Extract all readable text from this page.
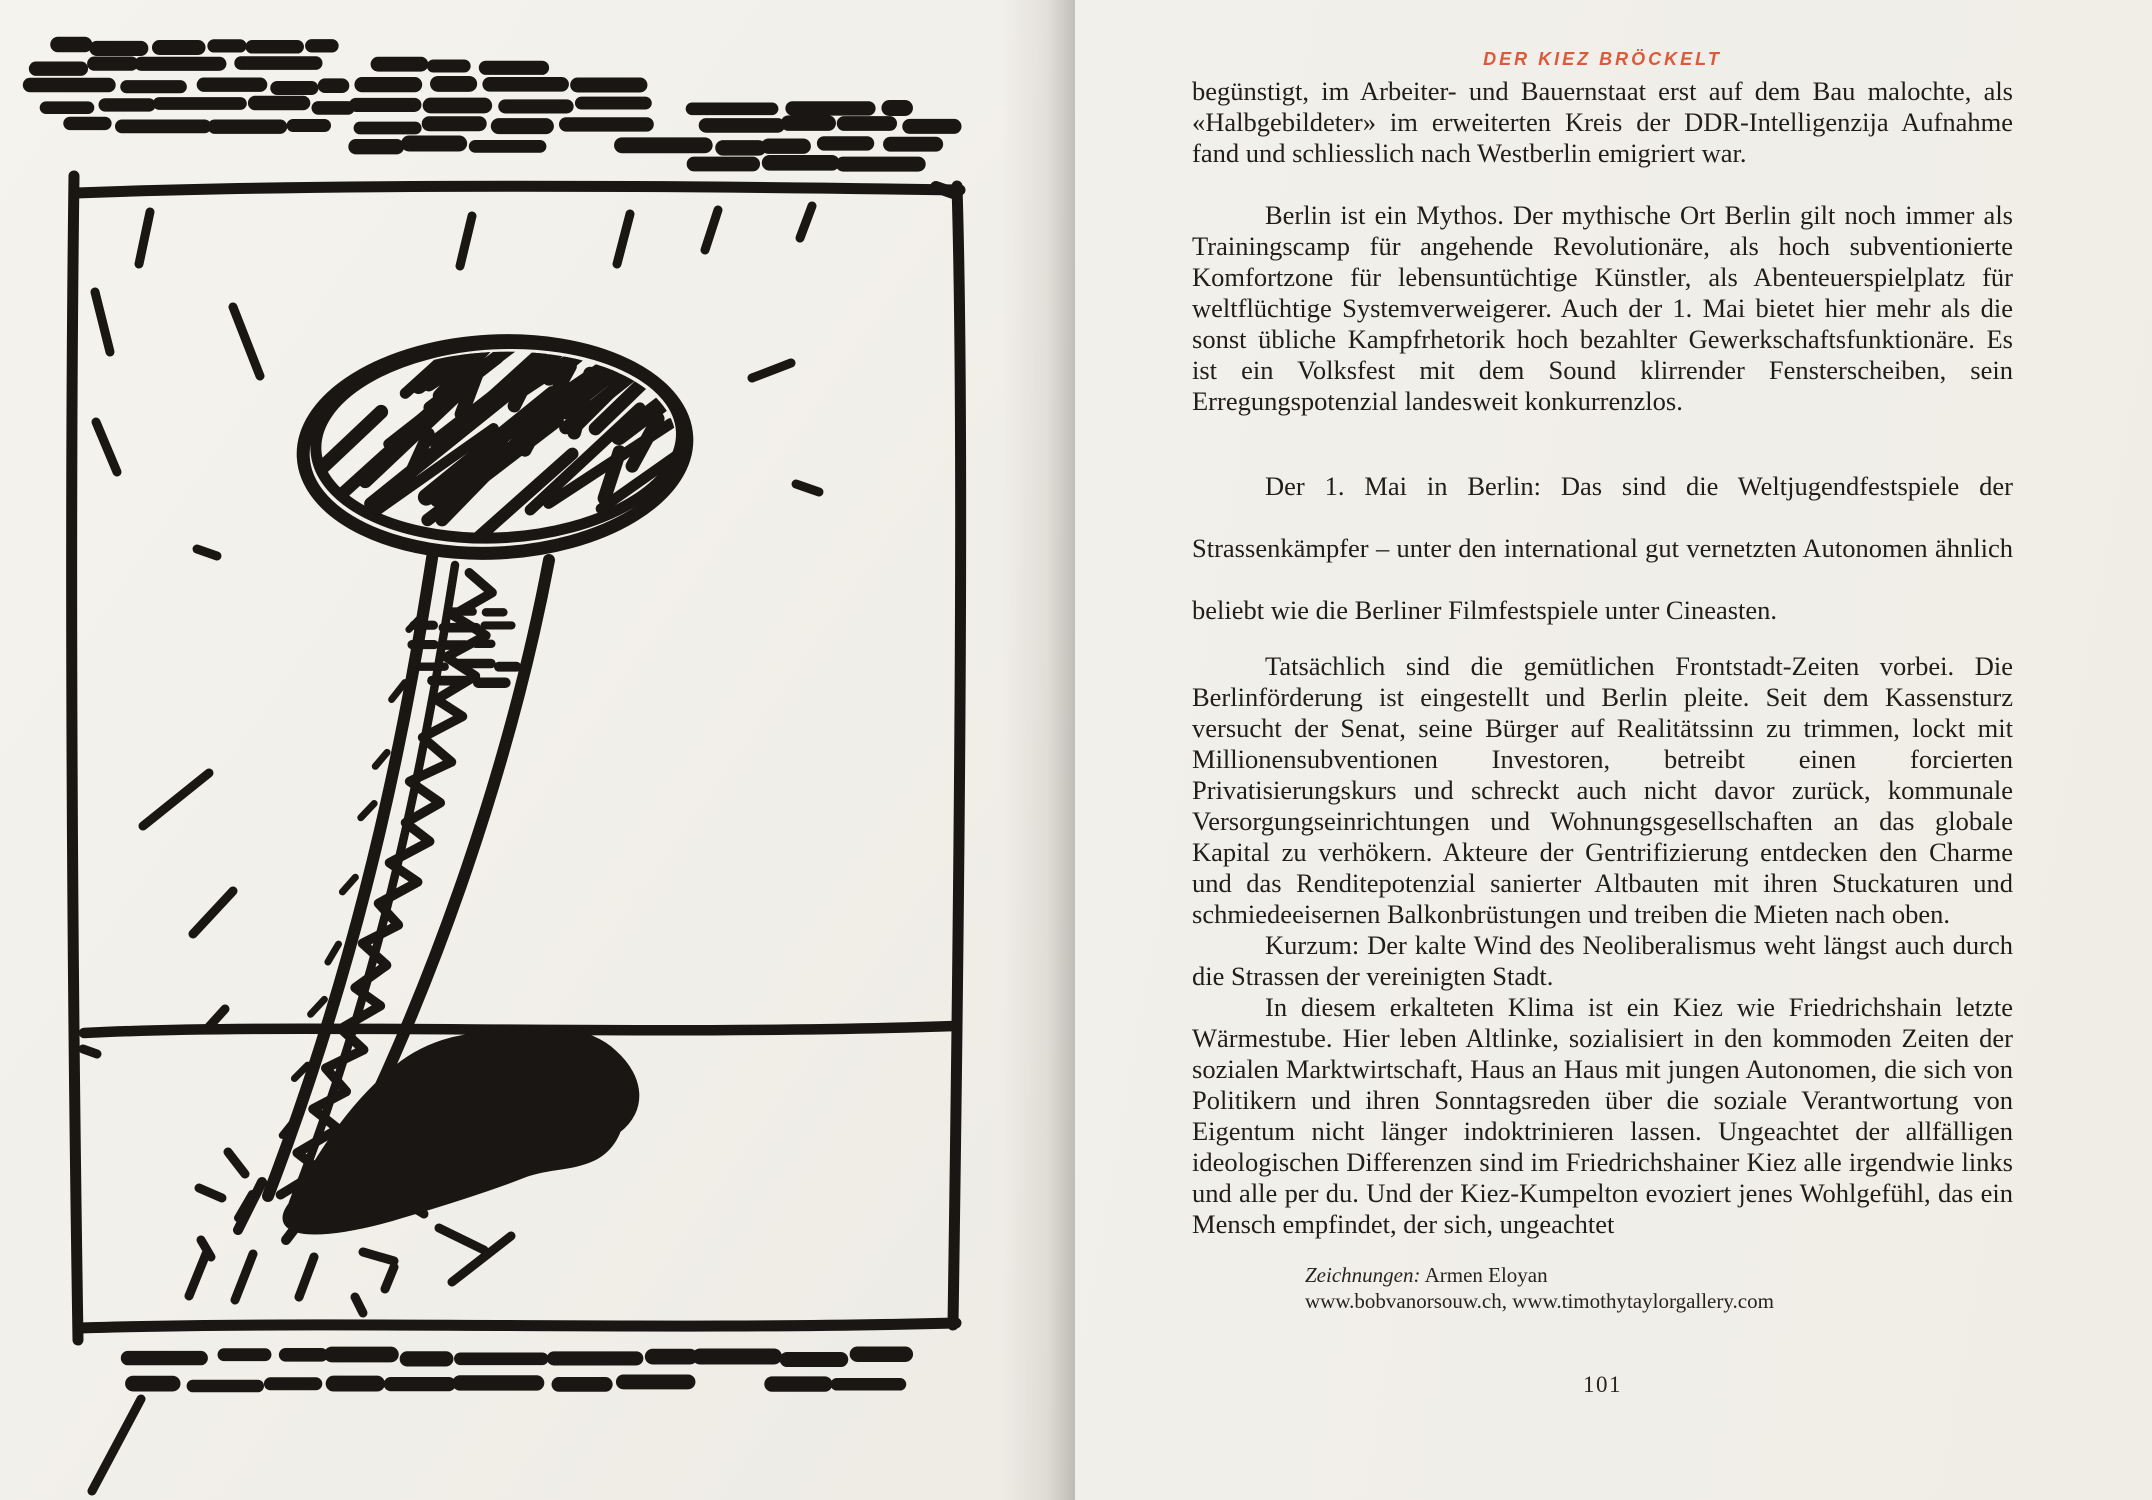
DER KIEZ BRÖCKELT

begünstigt, im Arbeiter- und Bauernstaat erst auf dem Bau malochte, als «Halbgebildeter» im erweiterten Kreis der DDR-Intelligenzija Aufnahme fand und schliesslich nach Westberlin emigriert war.

Berlin ist ein Mythos. Der mythische Ort Berlin gilt noch immer als Trainingscamp für angehende Revolutionäre, als hoch subventionierte Komfortzone für lebensuntüchtige Künstler, als Abenteuerspielplatz für weltflüchtige Systemverweigerer. Auch der 1. Mai bietet hier mehr als die sonst übliche Kampfrhetorik hoch bezahlter Gewerkschaftsfunktionäre. Es ist ein Volksfest mit dem Sound klirrender Fensterscheiben, sein Erregungspotenzial landesweit konkurrenzlos.

Der 1. Mai in Berlin: Das sind die Weltjugendfestspiele der Strassenkämpfer – unter den international gut vernetzten Autonomen ähnlich beliebt wie die Berliner Filmfestspiele unter Cineasten.

Tatsächlich sind die gemütlichen Frontstadt-Zeiten vorbei. Die Berlinförderung ist eingestellt und Berlin pleite. Seit dem Kassensturz versucht der Senat, seine Bürger auf Realitätssinn zu trimmen, lockt mit Millionensubventionen Investoren, betreibt einen forcierten Privatisierungskurs und schreckt auch nicht davor zurück, kommunale Versorgungseinrichtungen und Wohnungsgesellschaften an das globale Kapital zu verhökern. Akteure der Gentrifizierung entdecken den Charme und das Renditepotenzial sanierter Altbauten mit ihren Stuckaturen und schmiedeeisernen Balkonbrüstungen und treiben die Mieten nach oben.

Kurzum: Der kalte Wind des Neoliberalismus weht längst auch durch die Strassen der vereinigten Stadt.

In diesem erkalteten Klima ist ein Kiez wie Friedrichshain letzte Wärmestube. Hier leben Altlinke, sozialisiert in den kommoden Zeiten der sozialen Marktwirtschaft, Haus an Haus mit jungen Autonomen, die sich von Politikern und ihren Sonntagsreden über die soziale Verantwortung von Eigentum nicht länger indoktrinieren lassen. Ungeachtet der allfälligen ideologischen Differenzen sind im Friedrichshainer Kiez alle irgendwie links und alle per du. Und der Kiez-Kumpelton evoziert jenes Wohlgefühl, das ein Mensch empfindet, der sich, ungeachtet

Zeichnungen: Armen Eloyan
www.bobvanorsouw.ch, www.timothytaylorgallery.com
101
